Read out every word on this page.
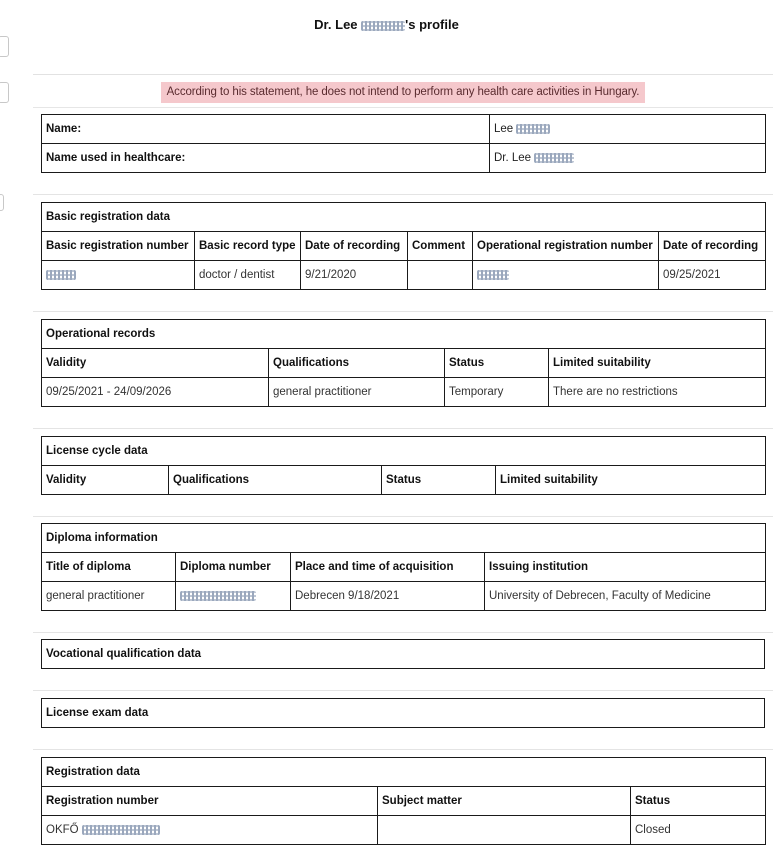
Dr. Lee	's profile
According to his statement, he does not intend to perform any health care activities in Hungary.
Name:	Lee
Name used in healthcare:	Dr. Lee
Basic registration data					
Basic registration number	Basic record type	Date of recording	Comment	Operational registration number	Date of recording
	doctor / dentist	9/21/2020			09/25/2021
Operational records			
Validity	Qualifications	Status	Limited suitability
09/25/2021 - 24/09/2026	general practitioner	Temporary	There are no restrictions
License cycle data
Validity	Qualifications	Status	Limited suitability
Diploma information			
Title of diploma	Diploma number	Place and time of acquisition	Issuing institution
general practitioner		Debrecen 9/18/2021	University of Debrecen, Faculty of Medicine
Vocational qualification data
License exam data
Registration data		
Registration number	Subject matter	Status
OKFŐ		Closed
